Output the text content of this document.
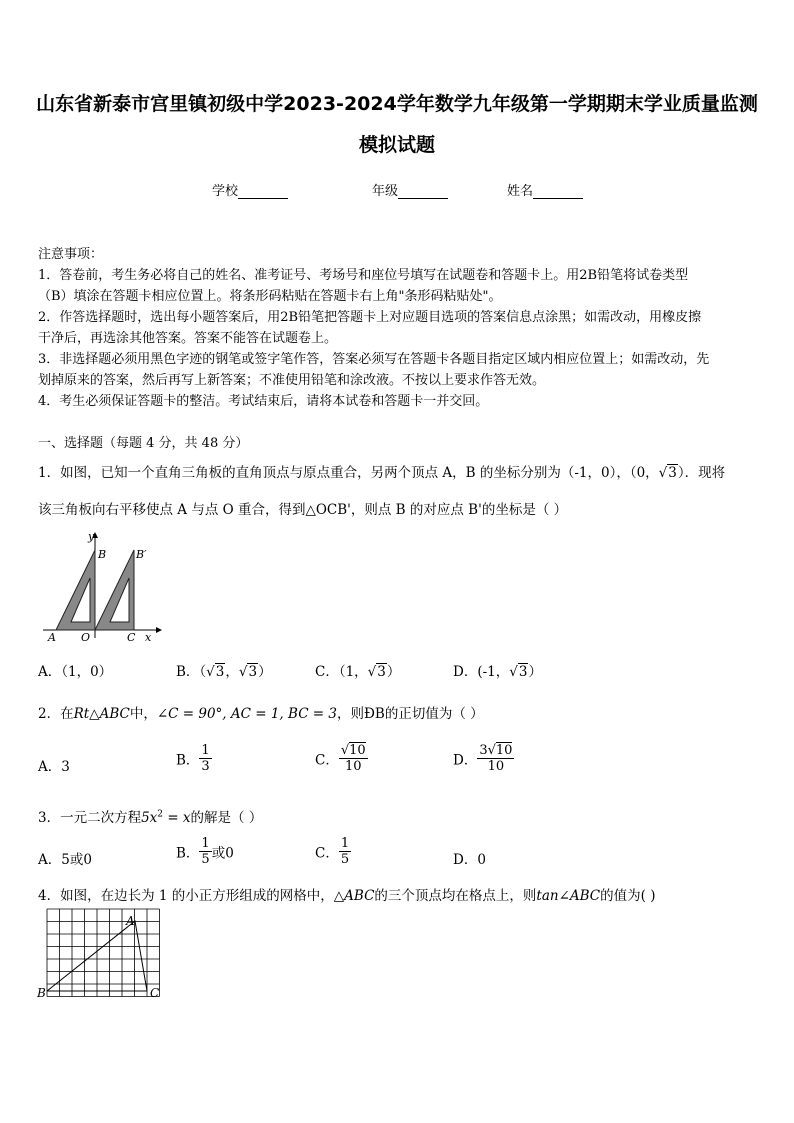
山东省新泰市宫里镇初级中学2023-2024学年数学九年级第一学期期末学业质量监测
模拟试题
学校	年级	姓名

注意事项：

1．答卷前，考生务必将自己的姓名、准考证号、考场号和座位号填写在试题卷和答题卡上。用2B铅笔将试卷类型

（B）填涂在答题卡相应位置上。将条形码粘贴在答题卡右上角"条形码粘贴处"。

2．作答选择题时，选出每小题答案后，用2B铅笔把答题卡上对应题目选项的答案信息点涂黑；如需改动，用橡皮擦

干净后，再选涂其他答案。答案不能答在试题卷上。

3．非选择题必须用黑色字迹的钢笔或签字笔作答，答案必须写在答题卡各题目指定区域内相应位置上；如需改动，先

划掉原来的答案，然后再写上新答案；不准使用铅笔和涂改液。不按以上要求作答无效。

4．考生必须保证答题卡的整洁。考试结束后，请将本试卷和答题卡一并交回。

一、选择题（每题 4 分，共 48 分）
1．如图，已知一个直角三角板的直角顶点与原点重合，另两个顶点 A，B 的坐标分别为（-1，0），（0，√3）．现将
该三角板向右平移使点 A 与点 O 重合，得到△OCB'，则点 B 的对应点 B'的坐标是（ ）
y
B	B′
A O	C x
A．（1，0）	B．（√3，√3）	C．（1，√3）	D．(-1，√3）
2．在Rt△ABC中，∠C = 90°, AC = 1, BC = 3，则ÐB的正切值为（ ）
A．3	B． $\frac{1}{3}$	C． $\frac{√10}{10}$	D． $\frac{3√10}{10}$
3．一元二次方程$5x^2 = x$的解是（ ）
A．5或0	B． $\frac{1}{5}$ 或0	C． $\frac{1}{5}$	D．0
4．如图，在边长为 1 的小正方形组成的网格中，△ABC的三个顶点均在格点上，则tan∠ABC的值为( )
A
B	C
